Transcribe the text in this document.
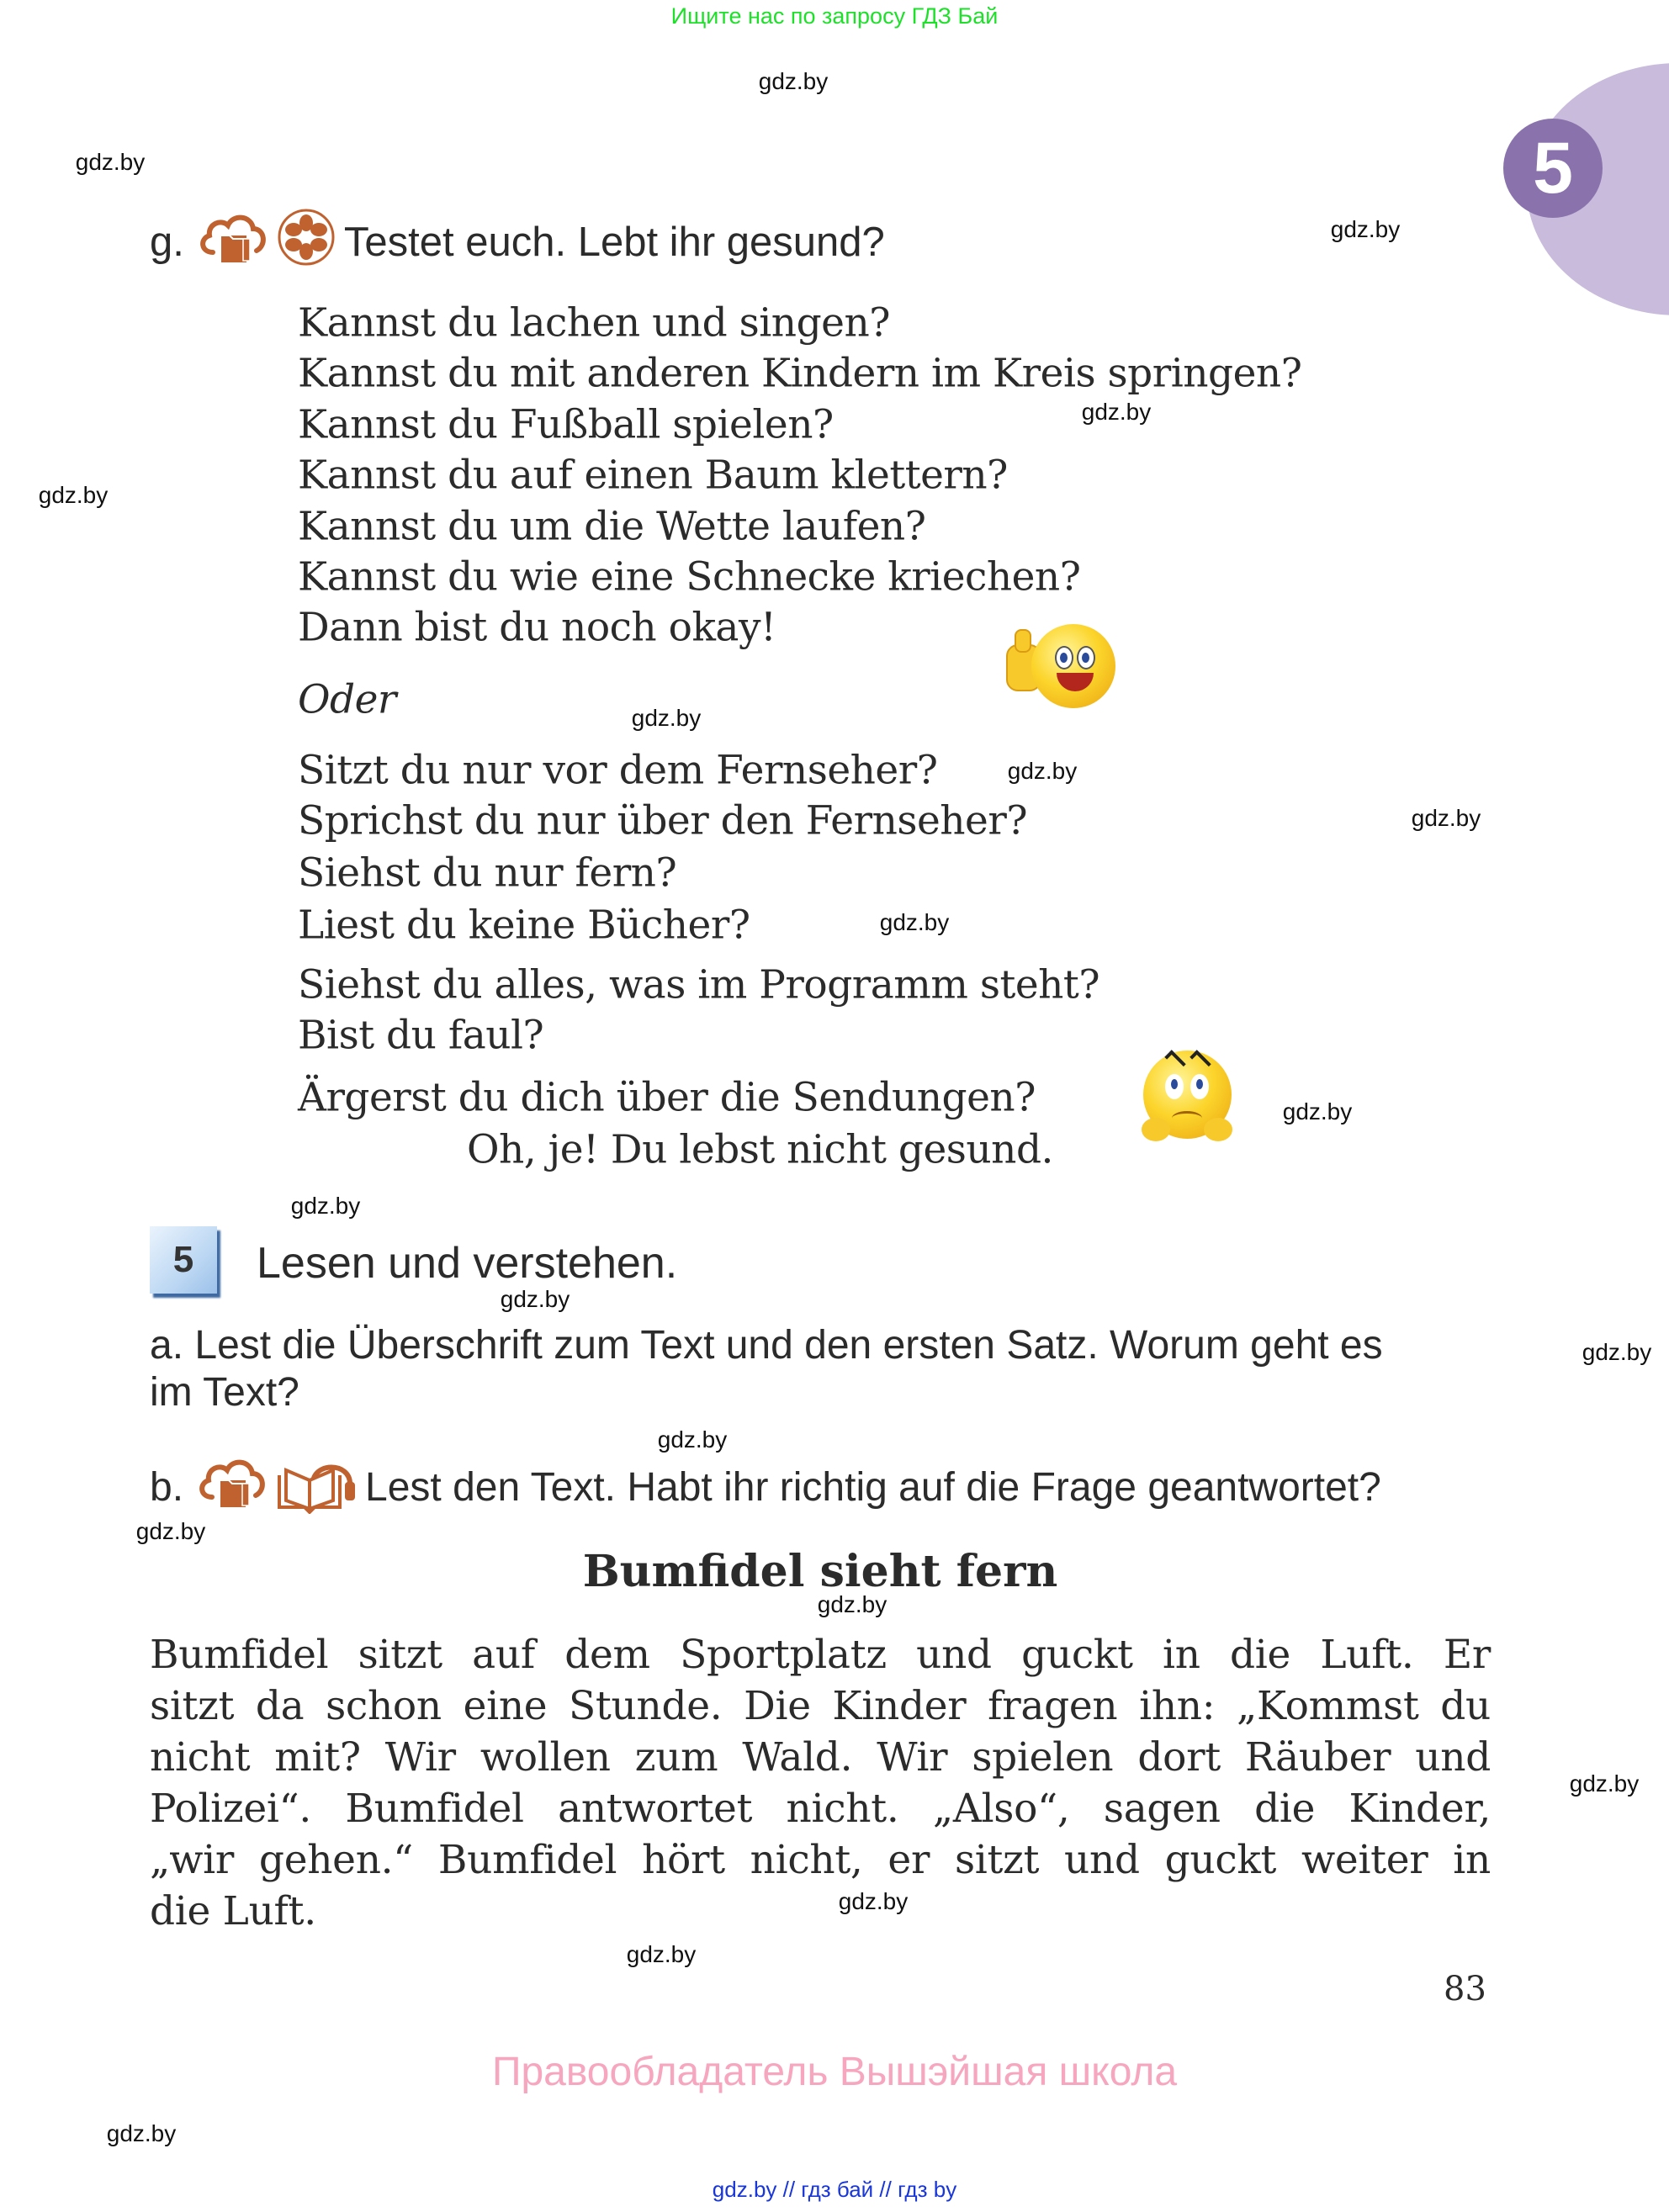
Ищите нас по запросу ГДЗ Бай
5
gdz.by
gdz.by
gdz.by
gdz.by
gdz.by
gdz.by
gdz.by
gdz.by
gdz.by
gdz.by
gdz.by
gdz.by
gdz.by
gdz.by
gdz.by
gdz.by
gdz.by
gdz.by
gdz.by
gdz.by
g.	Testet euch. Lebt ihr gesund?
Kannst du lachen und singen?
Kannst du mit anderen Kindern im Kreis springen?
Kannst du Fußball spielen?
Kannst du auf einen Baum klettern?
Kannst du um die Wette laufen?
Kannst du wie eine Schnecke kriechen?
Dann bist du noch okay!
Oder
Sitzt du nur vor dem Fernseher?
Sprichst du nur über den Fernseher?
Siehst du nur fern?
Liest du keine Bücher?
Siehst du alles, was im Programm steht?
Bist du faul?
Ärgerst du dich über die Sendungen?
Oh, je! Du lebst nicht gesund.
5	Lesen und verstehen.
a. Lest die Überschrift zum Text und den ersten Satz. Worum geht es
im Text?
b.	Lest den Text. Habt ihr richtig auf die Frage geantwortet?
Bumfidel sieht fern
Bumfidel sitzt auf dem Sportplatz und guckt in die Luft. Er
sitzt da schon eine Stunde. Die Kinder fragen ihn: „Kommst du
nicht mit? Wir wollen zum Wald. Wir spielen dort Räuber und
Polizei“. Bumfidel antwortet nicht. „Also“, sagen die Kinder,
„wir gehen.“ Bumfidel hört nicht, er sitzt und guckt weiter in
die Luft.
83
Правообладатель Вышэйшая школа
gdz.by // гдз бай // гдз by
